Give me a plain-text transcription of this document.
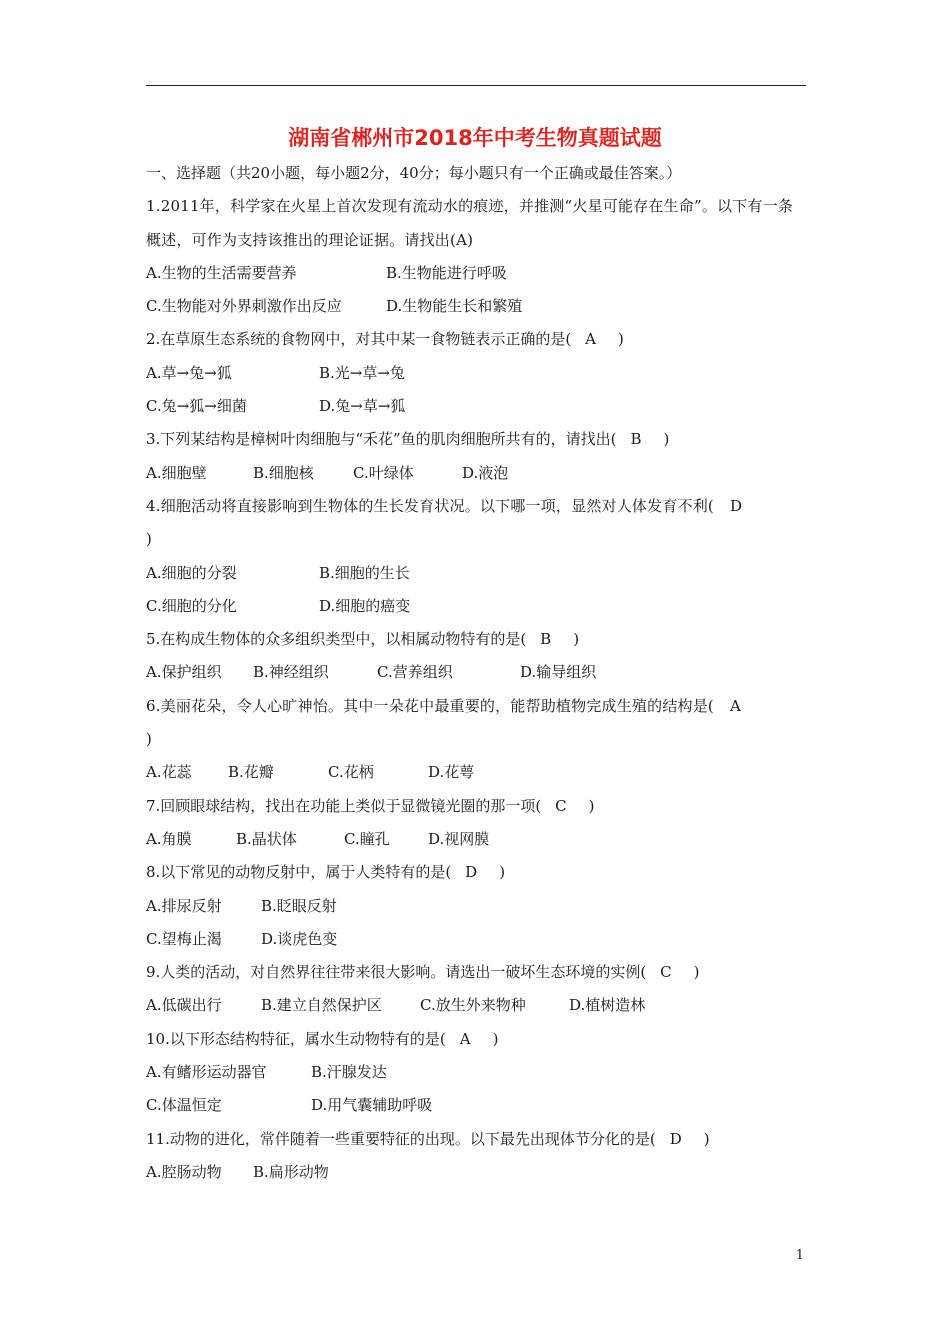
湖南省郴州市2018年中考生物真题试题
一、选择题（共20小题，每小题2分，40分；每小题只有一个正确或最佳答案。）
1.2011年，科学家在火星上首次发现有流动水的痕迹，并推测“火星可能存在生命”。以下有一条概述，可作为支持该推出的理论证据。请找出(A)
A.生物的生活需要营养	B.生物能进行呼吸
C.生物能对外界刺激作出反应	D.生物能生长和繁殖
2.在草原生态系统的食物网中，对其中某一食物链表示正确的是( A )
A.草→兔→狐	B.光→草→兔
C.兔→狐→细菌	D.兔→草→狐
3.下列某结构是樟树叶肉细胞与“禾花”鱼的肌肉细胞所共有的，请找出( B )
A.细胞壁	B.细胞核	C.叶绿体	D.液泡
4.细胞活动将直接影响到生物体的生长发育状况。以下哪一项，显然对人体发育不利( D
)
A.细胞的分裂	B.细胞的生长
C.细胞的分化	D.细胞的癌变
5.在构成生物体的众多组织类型中，以相属动物特有的是( B )
A.保护组织 B.神经组织	C.营养组织	D.输导组织
6.美丽花朵，令人心旷神怡。其中一朵花中最重要的，能帮助植物完成生殖的结构是( A
)
A.花蕊 B.花瓣	C.花柄	D.花萼
7.回顾眼球结构，找出在功能上类似于显微镜光圈的那一项( C )
A.角膜	B.晶状体	C.瞳孔	D.视网膜
8.以下常见的动物反射中，属于人类特有的是( D )
A.排尿反射	B.眨眼反射
C.望梅止渴	D.谈虎色变
9.人类的活动，对自然界往往带来很大影响。请选出一破坏生态环境的实例( C )
A.低碳出行	B.建立自然保护区	C.放生外来物种	D.植树造林
10.以下形态结构特征，属水生动物特有的是( A )
A.有鳍形运动器官	B.汗腺发达
C.体温恒定	D.用气囊辅助呼吸
11.动物的进化，常伴随着一些重要特征的出现。以下最先出现体节分化的是( D )
A.腔肠动物 B.扁形动物
1
